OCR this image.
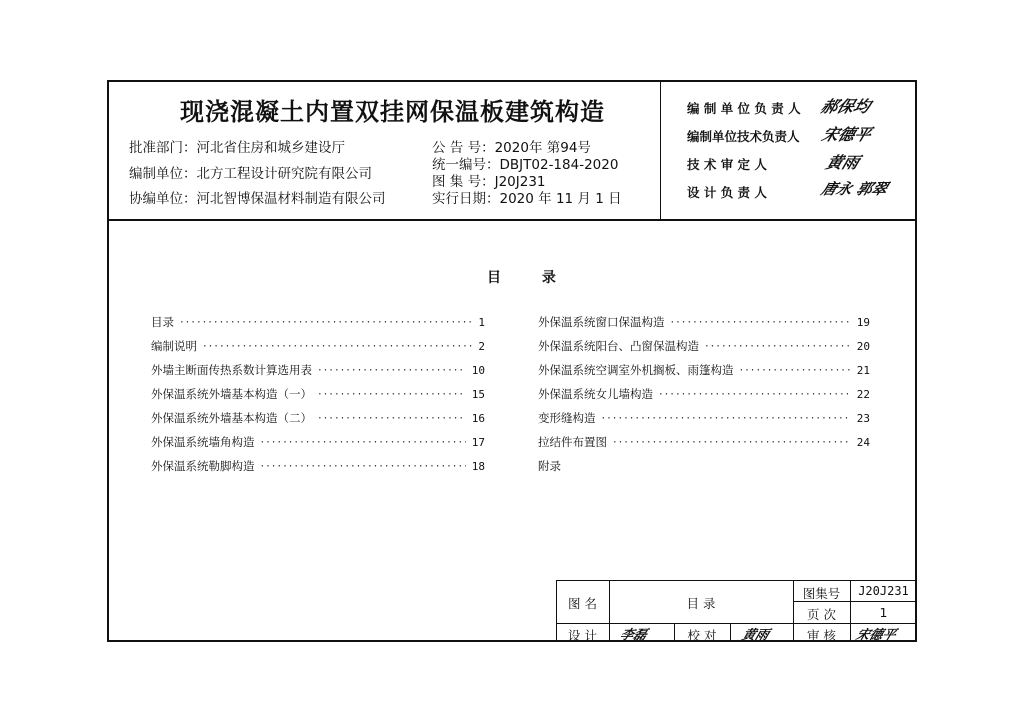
现浇混凝土内置双挂网保温板建筑构造
批准部门：河北省住房和城乡建设厅
编制单位：北方工程设计研究院有限公司
协编单位：河北智博保温材料制造有限公司
公 告 号：2020年 第94号
统一编号：DBJT02-184-2020
图 集 号：J20J231
实行日期：2020 年 11 月 1 日
编 制 单 位 负 责 人 郝保均
编制单位技术负责人 宋德平
技 术 审 定 人	黄雨
设 计 负 责 人	唐永 郭翠
目 录
目录 ·····	1
编制说明 ·····	2
外墙主断面传热系数计算选用表 ·····	10
外保温系统外墙基本构造（一） ·····	15
外保温系统外墙基本构造（二） ·····	16
外保温系统墙角构造 ·····	17
外保温系统勒脚构造 ·····	18
外保温系统窗口保温构造 ·····	19
外保温系统阳台、凸窗保温构造 ·····	20
外保温系统空调室外机搁板、雨篷构造 ·····	21
外保温系统女儿墙构造 ·····	22
变形缝构造 ·····	23
拉结件布置图 ·····	24
附录
图 名	目 录
图集号	J20J231
页 次	1
设 计	李磊	校 对	黄雨	审 核	宋德平
